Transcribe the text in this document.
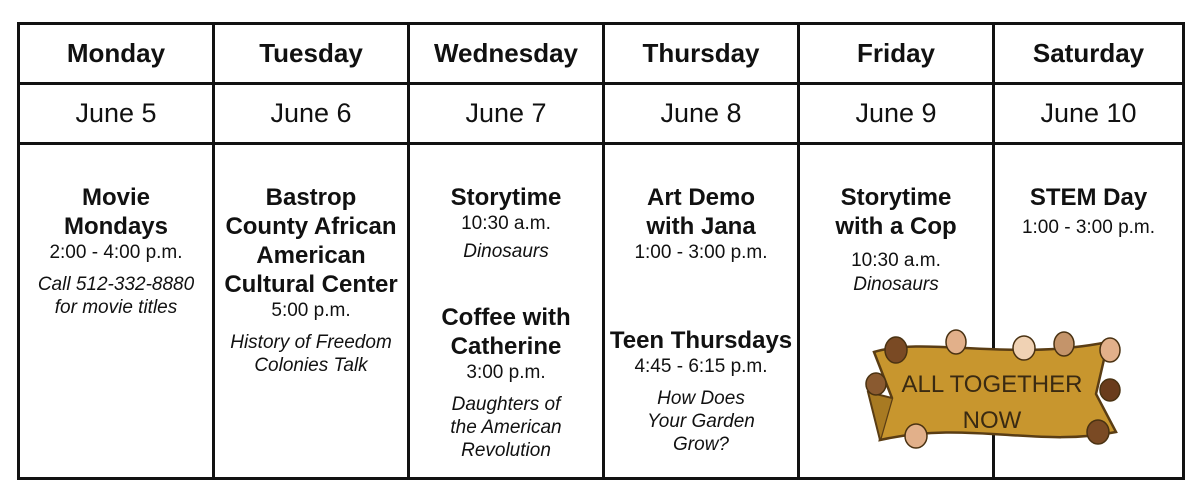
Monday
June 5
Movie
Mondays
2:00 - 4:00 p.m.
Call 512-332-8880
for movie titles
Tuesday
June 6
Bastrop
County African
American
Cultural Center
5:00 p.m.
History of Freedom
Colonies Talk
Wednesday
June 7
Storytime
10:30 a.m.
Dinosaurs
Coffee with
Catherine
3:00 p.m.
Daughters of
the American
Revolution
Thursday
June 8
Art Demo
with Jana
1:00 - 3:00 p.m.
Teen Thursdays
4:45 - 6:15 p.m.
How Does
Your Garden
Grow?
Friday
June 9
Storytime
with a Cop
10:30 a.m.
Dinosaurs
Saturday
June 10
STEM Day
1:00 - 3:00 p.m.
ALL TOGETHER
NOW
